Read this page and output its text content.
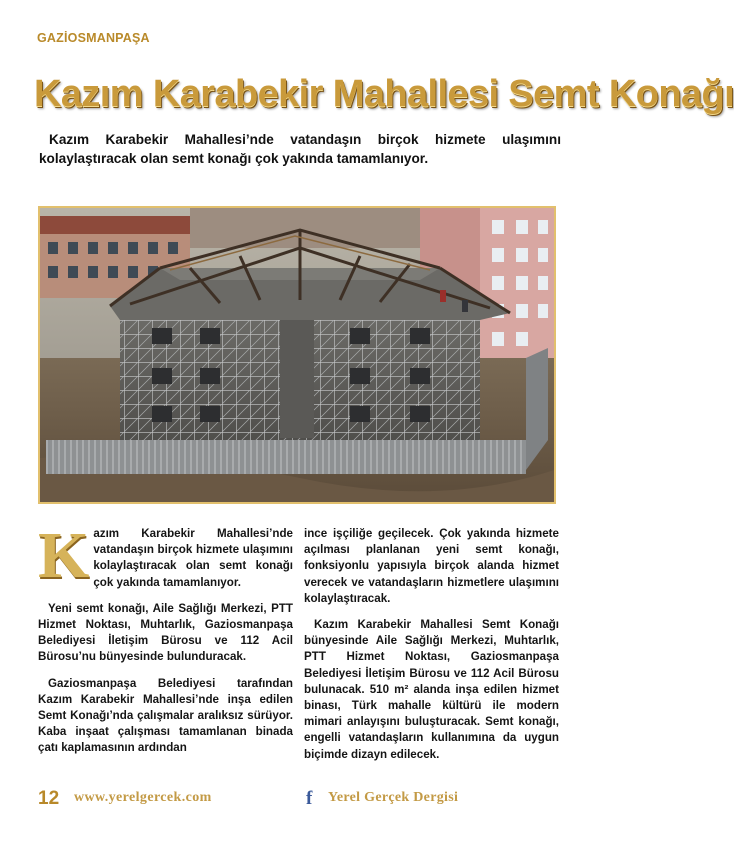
GAZİOSMANPAŞA
Kazım Karabekir Mahallesi Semt Konağı

Kazım Karabekir Mahallesi’nde vatandaşın birçok hizmete ulaşımını kolaylaştıracak olan semt konağı çok yakında tamamlanıyor.

Kazım Karabekir Mahallesi’nde vatandaşın birçok hizmete ulaşımını kolaylaştıracak olan semt konağı çok yakında tamamlanıyor.

Yeni semt konağı, Aile Sağlığı Merkezi, PTT Hizmet Noktası, Muhtarlık, Gaziosmanpaşa Belediyesi İletişim Bürosu ve 112 Acil Bürosu’nu bünyesinde bulunduracak.

Gaziosmanpaşa Belediyesi tarafından Kazım Karabekir Mahallesi’nde inşa edilen Semt Konağı’nda çalışmalar aralıksız sürüyor. Kaba inşaat çalışması tamamlanan binada çatı kaplamasının ardından

ince işçiliğe geçilecek. Çok yakında hizmete açılması planlanan yeni semt konağı, fonksiyonlu yapısıyla birçok alanda hizmet verecek ve vatandaşların hizmetlere ulaşımını kolaylaştıracak.

Kazım Karabekir Mahallesi Semt Konağı bünyesinde Aile Sağlığı Merkezi, Muhtarlık, PTT Hizmet Noktası, Gaziosmanpaşa Belediyesi İletişim Bürosu ve 112 Acil Bürosu bulunacak. 510 m² alanda inşa edilen hizmet binası, Türk mahalle kültürü ile modern mimari anlayışını buluşturacak. Semt konağı, engelli vatandaşların kullanımına da uygun biçimde dizayn edilecek.

12 www.yerelgercek.com	f Yerel Gerçek Dergisi
